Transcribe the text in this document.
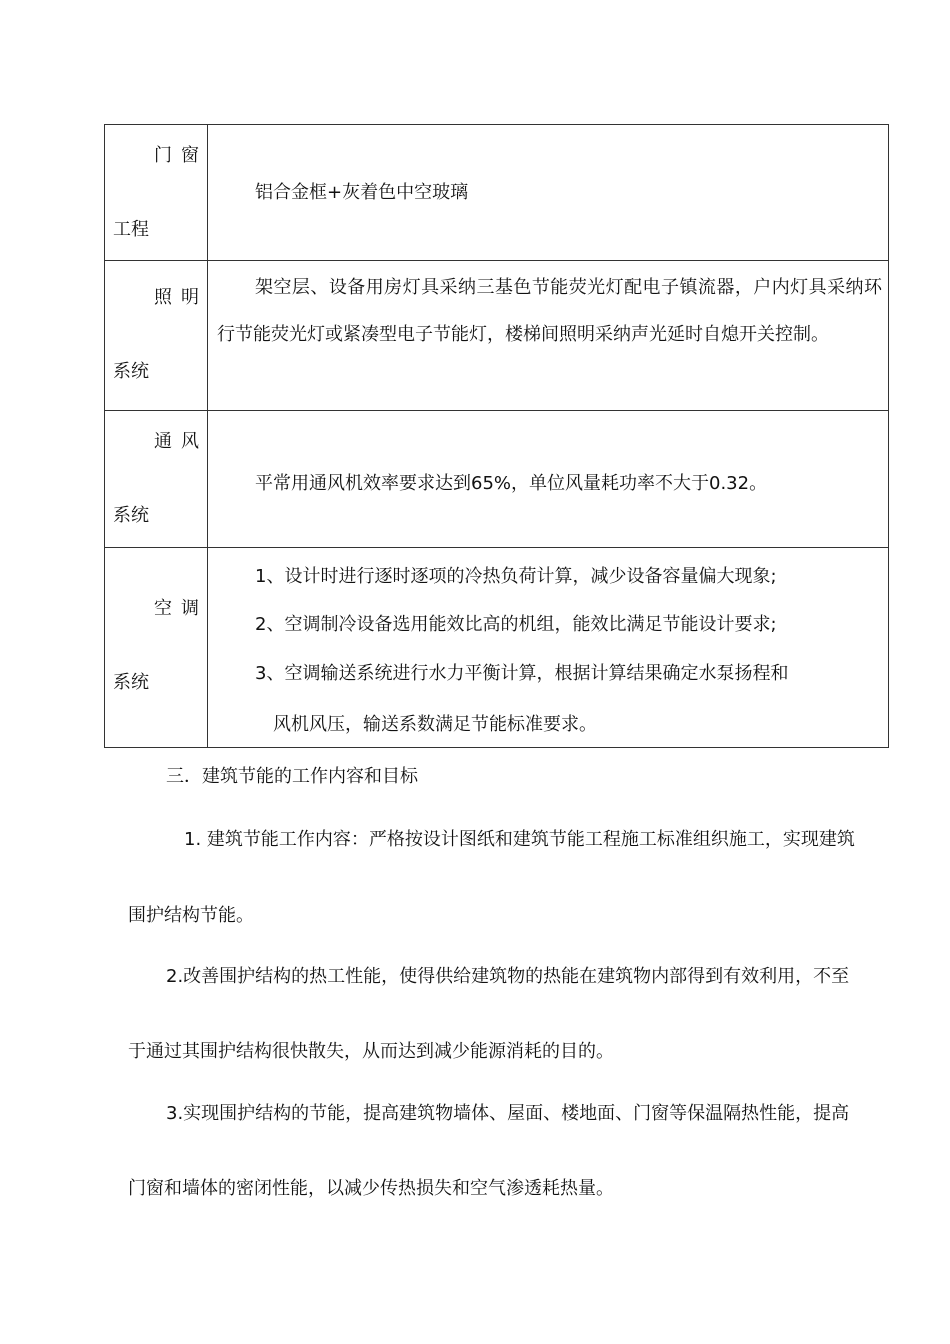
门窗
工程	铝合金框+灰着色中空玻璃

照明
系统	架空层、设备用房灯具采纳三基色节能荧光灯配电子镇流器，户内灯具采纳环行节能荧光灯或紧凑型电子节能灯，楼梯间照明采纳声光延时自熄开关控制。

通风
系统	平常用通风机效率要求达到65%，单位风量耗功率不大于0.32。

空调
系统	1、设计时进行逐时逐项的冷热负荷计算，减少设备容量偏大现象;
2、空调制冷设备选用能效比高的机组，能效比满足节能设计要求;
3、空调输送系统进行水力平衡计算，根据计算结果确定水泵扬程和
风机风压，输送系数满足节能标准要求。
三．建筑节能的工作内容和目标
1. 建筑节能工作内容：严格按设计图纸和建筑节能工程施工标准组织施工，实现建筑
围护结构节能。
2.改善围护结构的热工性能，使得供给建筑物的热能在建筑物内部得到有效利用，不至
于通过其围护结构很快散失，从而达到减少能源消耗的目的。
3.实现围护结构的节能，提高建筑物墙体、屋面、楼地面、门窗等保温隔热性能，提高
门窗和墙体的密闭性能，以减少传热损失和空气渗透耗热量。
